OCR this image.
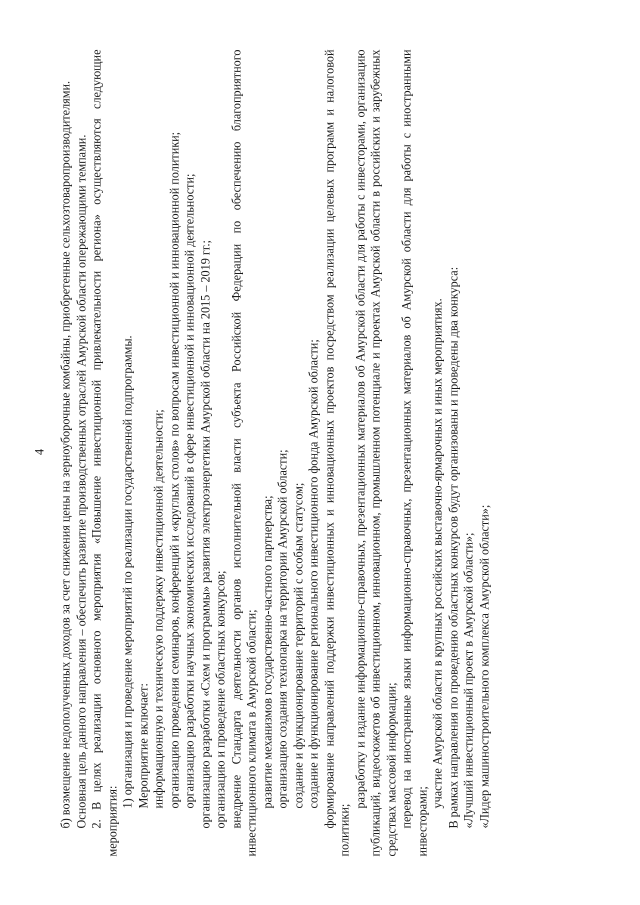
4 б) возмещение недополученных доходов за счет снижения цены на зерноуборочные комбайны, приобретенные сельхозтоваропроизводителями. Основная цель данного направления – обеспечить развитие производственных отраслей Амурской области опережающими темпами. 2. В целях реализации основного мероприятия «Повышение инвестиционной привлекательности региона» осуществляются следующие мероприятия:

1) организация и проведение мероприятий по реализации государственной подпрограммы. Мероприятие включает: информационную и техническую поддержку инвестиционной деятельности; организацию проведения семинаров, конференций и «круглых столов» по вопросам инвестиционной и инновационной политики; организацию разработки научных экономических исследований в сфере инвестиционной и инновационной деятельности; организацию разработки «Схем и программы» развития электроэнергетики Амурской области на 2015 – 2019 гг.; организацию и проведение областных конкурсов; внедрение Стандарта деятельности органов исполнительной власти субъекта Российской Федерации по обеспечению благоприятного инвестиционного климата в Амурской области; развитие механизмов государственно-частного партнерства; организацию создания технопарка на территории Амурской области; создание и функционирование территорий с особым статусом; создание и функционирование регионального инвестиционного фонда Амурской области; формирование направлений поддержки инвестиционных и инновационных проектов посредством реализации целевых программ и налоговой политики;

разработку и издание информационно-справочных, презентационных материалов об Амурской области для работы с инвесторами, организацию публикаций, видеосюжетов об инвестиционном, инновационном, промышленном потенциале и проектах Амурской области в российских и зарубежных средствах массовой информации; перевод на иностранные языки информационно-справочных, презентационных материалов об Амурской области для работы с иностранными инвесторами;

участие Амурской области в крупных российских выставочно-ярмарочных и иных мероприятиях. В рамках направления по проведению областных конкурсов будут организованы и проведены два конкурса: «Лучший инвестиционный проект в Амурской области»; «Лидер машиностроительного комплекса Амурской области»;
